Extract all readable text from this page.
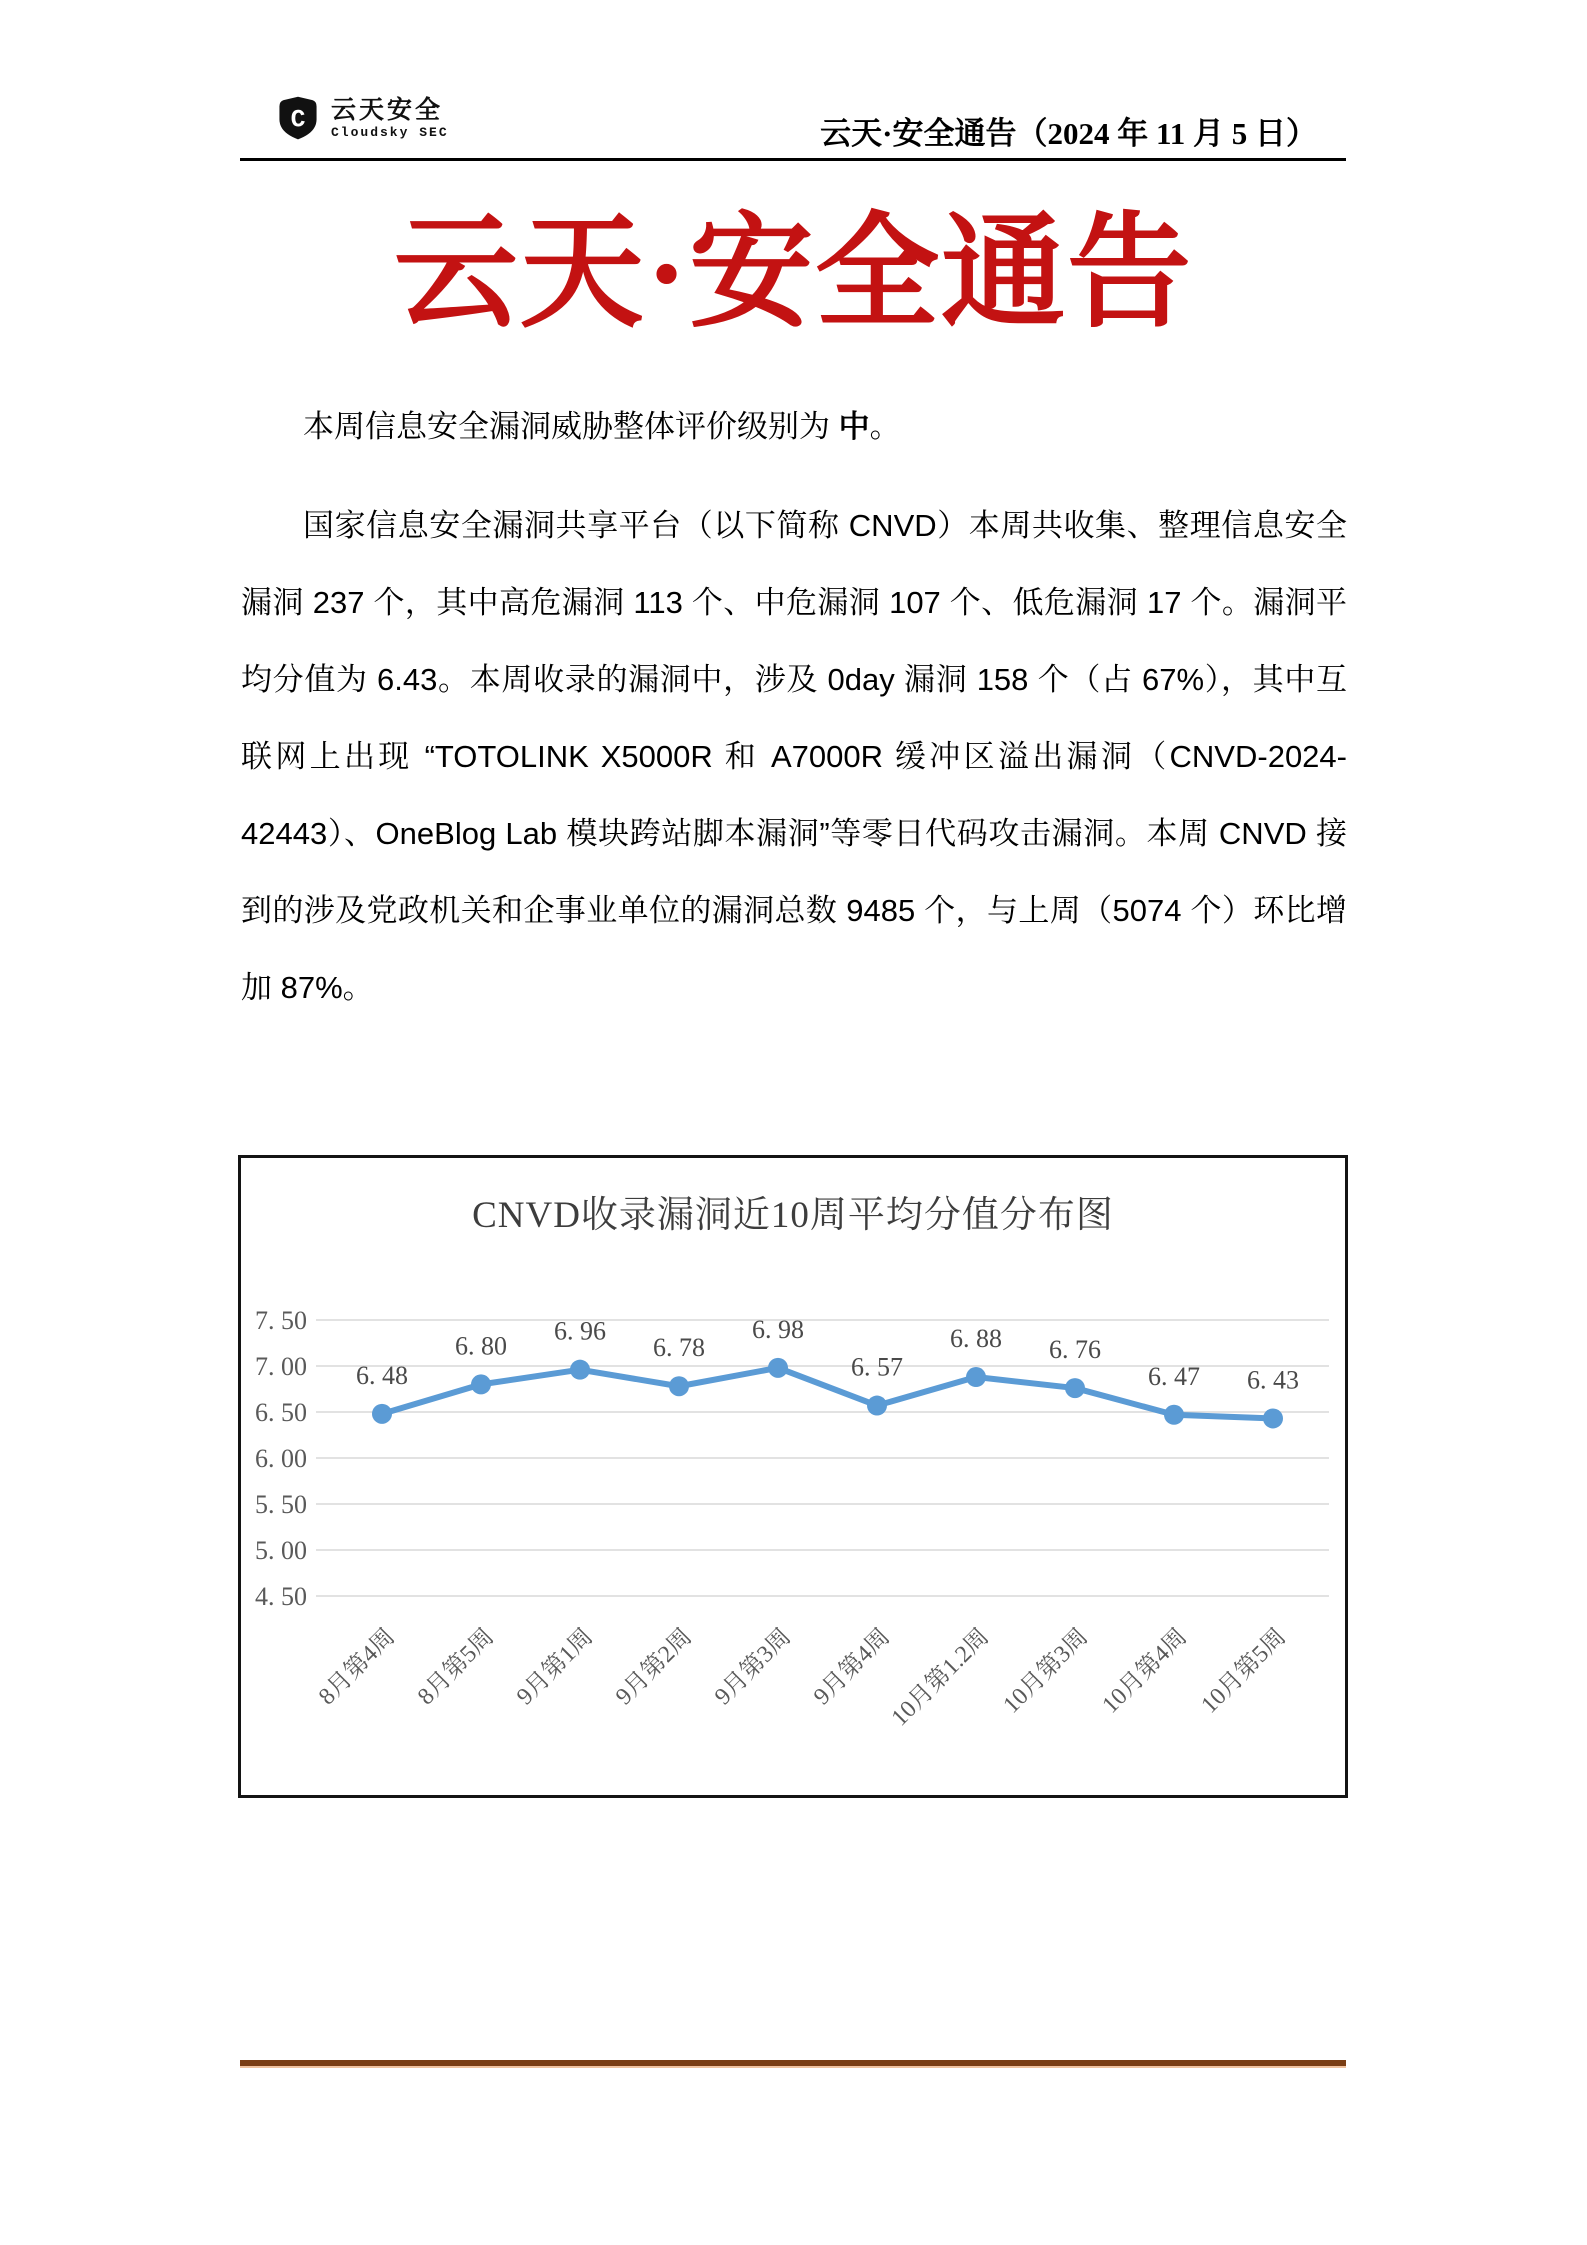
C 云天安全
Cloudsky SEC	云天·安全通告（2024 年 11 月 5 日）
云天·安全通告

本周信息安全漏洞威胁整体评价级别为 中。

国家信息安全漏洞共享平台（以下简称 CNVD）本周共收集、整理信息安全漏洞 237 个，其中高危漏洞 113 个、中危漏洞 107 个、低危漏洞 17 个。漏洞平均分值为 6.43。本周收录的漏洞中，涉及 0day 漏洞 158 个（占 67%），其中互联网上出现 “TOTOLINK X5000R 和 A7000R 缓冲区溢出漏洞（CNVD-2024-42443）、OneBlog Lab 模块跨站脚本漏洞”等零日代码攻击漏洞。本周 CNVD 接到的涉及党政机关和企事业单位的漏洞总数 9485 个，与上周（5074 个）环比增加 87%。

7. 50
7. 00
6. 50
6. 00
5. 50
5. 00
4. 50
8月第4周 8月第5周 9月第1周 9月第2周 9月第3周 9月第4周
10月第1.2周 10月第3周 10月第4周 10月第5周
6. 48
6. 80
6. 96
6. 78
6. 98
6. 57
6. 88 6. 76
6. 47 6. 43
CNVD收录漏洞近10周平均分值分布图
